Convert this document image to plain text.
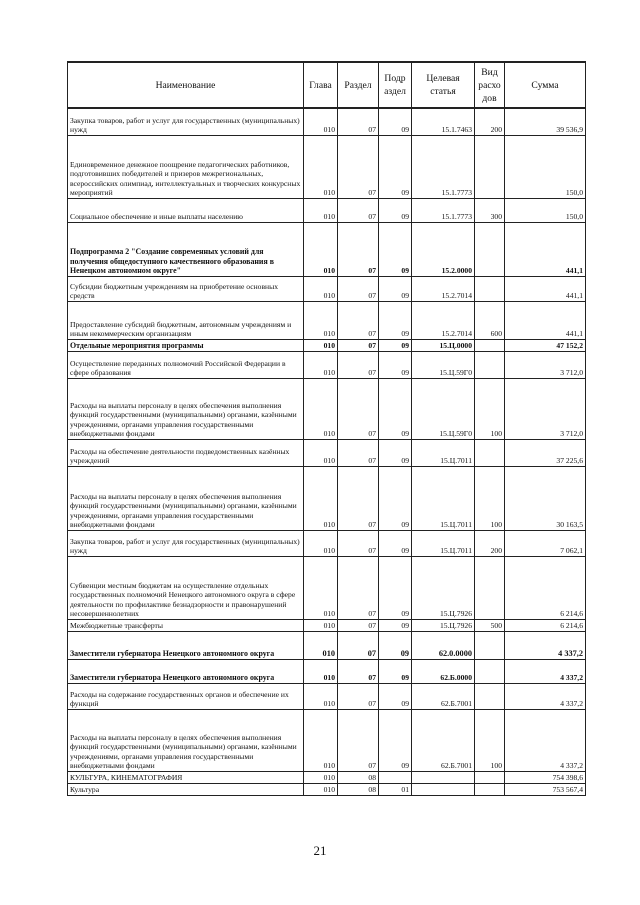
Наименование	Глава	Раздел	Подр аздел	Целевая статья	Вид расхо дов	Сумма
Закупка товаров, работ и услуг для государственных (муниципальных) нужд	010	07	09	15.1.7463	200	39 536,9
Единовременное денежное поощрение педагогических работников, подготовивших победителей и призеров межрегиональных, всероссийских олимпиад, интеллектуальных и творческих конкурсных мероприятий	010	07	09	15.1.7773		150,0
Социальное обеспечение и иные выплаты населению	010	07	09	15.1.7773	300	150,0
Подпрограмма 2 "Создание современных условий для получения общедоступного качественного образования в Ненецком автономном округе"	010	07	09	15.2.0000		441,1
Субсидии бюджетным учреждениям на приобретение основных средств	010	07	09	15.2.7014		441,1
Предоставление субсидий бюджетным, автономным учреждениям и иным некоммерческим организациям	010	07	09	15.2.7014	600	441,1
Отдельные мероприятия программы	010	07	09	15.Ц.0000		47 152,2
Осуществление переданных полномочий Российской Федерации в сфере образования	010	07	09	15.Ц.59Г0		3 712,0
Расходы на выплаты персоналу в целях обеспечения выполнения функций государственными (муниципальными) органами, казёнными учреждениями, органами управления государственными внебюджетными фондами	010	07	09	15.Ц.59Г0	100	3 712,0
Расходы на обеспечение деятельности подведомственных казённых учреждений	010	07	09	15.Ц.7011		37 225,6
Расходы на выплаты персоналу в целях обеспечения выполнения функций государственными (муниципальными) органами, казёнными учреждениями, органами управления государственными внебюджетными фондами	010	07	09	15.Ц.7011	100	30 163,5
Закупка товаров, работ и услуг для государственных (муниципальных) нужд	010	07	09	15.Ц.7011	200	7 062,1
Субвенции местным бюджетам на осуществление отдельных государственных полномочий Ненецкого автономного округа в сфере деятельности по профилактике безнадзорности и правонарушений несовершеннолетних	010	07	09	15.Ц.7926		6 214,6
Межбюджетные трансферты	010	07	09	15.Ц.7926	500	6 214,6
Заместители губернатора Ненецкого автономного округа	010	07	09	62.0.0000		4 337,2
Заместители губернатора Ненецкого автономного округа	010	07	09	62.Б.0000		4 337,2
Расходы на содержание государственных органов и обеспечение их функций	010	07	09	62.Б.7001		4 337,2
Расходы на выплаты персоналу в целях обеспечения выполнения функций государственными (муниципальными) органами, казёнными учреждениями, органами управления государственными внебюджетными фондами	010	07	09	62.Б.7001	100	4 337,2
КУЛЬТУРА, КИНЕМАТОГРАФИЯ	010	08				754 398,6
Культура	010	08	01			753 567,4
21
